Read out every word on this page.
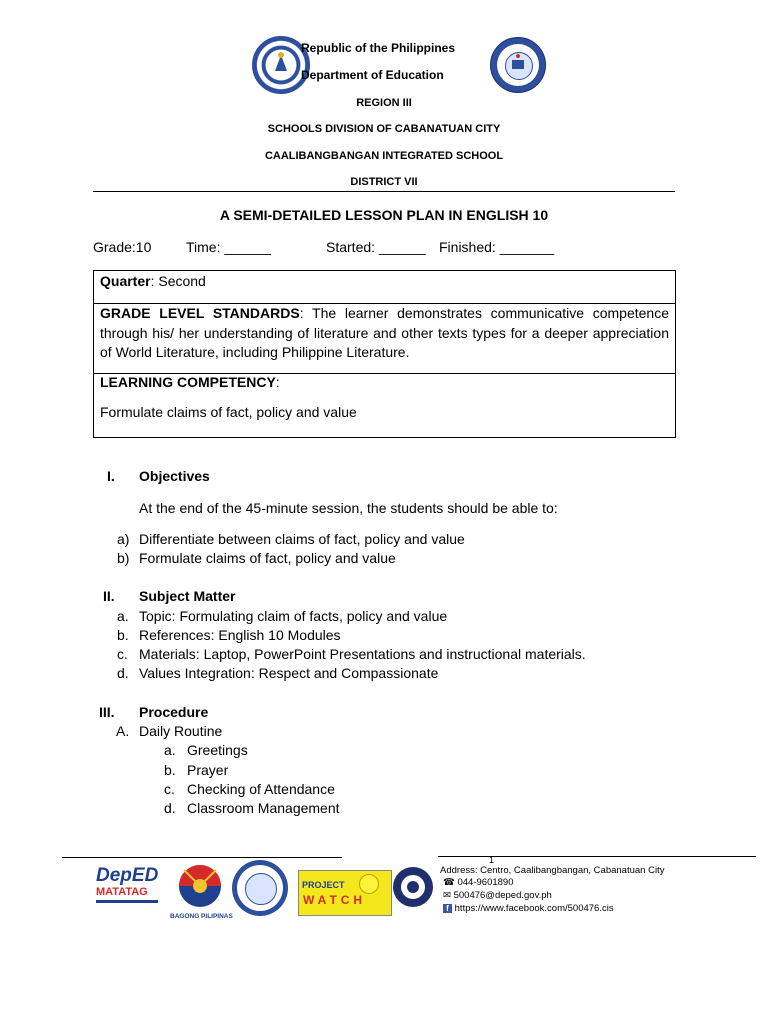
Republic of the Philippines
Department of Education
REGION III
SCHOOLS DIVISION OF CABANATUAN CITY
CAALIBANGBANGAN INTEGRATED SCHOOL
DISTRICT VII
A SEMI-DETAILED LESSON PLAN IN ENGLISH 10
Grade:10 Time: ______	Started: ______ Finished: _______

Quarter: Second

GRADE LEVEL STANDARDS: The learner demonstrates communicative competence through his/ her understanding of literature and other texts types for a deeper appreciation of World Literature, including Philippine Literature.

LEARNING COMPETENCY:

Formulate claims of fact, policy and value

I. Objectives
At the end of the 45-minute session, the students should be able to:
a) Differentiate between claims of fact, policy and value
b) Formulate claims of fact, policy and value
II. Subject Matter
a. Topic: Formulating claim of facts, policy and value
b. References: English 10 Modules
c. Materials: Laptop, PowerPoint Presentations and instructional materials.
d. Values Integration: Respect and Compassionate
III. Procedure
A. Daily Routine
a. Greetings
b. Prayer
c. Checking of Attendance
d. Classroom Management
1
DepED
MATATAG
BAGONG PILIPINAS
PROJECT
WATCH
Address: Centro, Caalibangbangan, Cabanatuan City
☎ 044-9601890
✉ 500476@deped.gov.ph
f https://www.facebook.com/500476.cis
